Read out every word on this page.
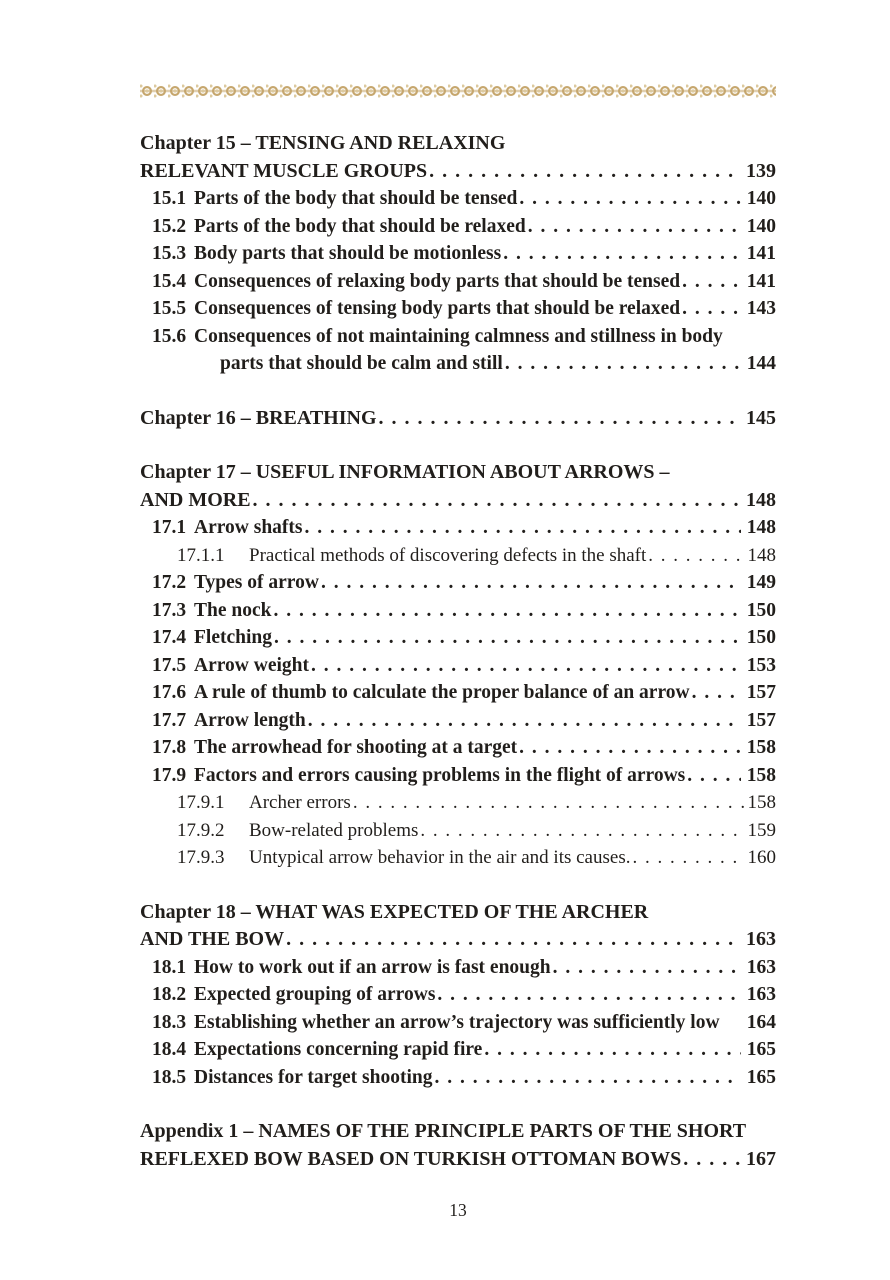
Chapter 15 – TENSING AND RELAXING
RELEVANT MUSCLE GROUPS . . .	139
15.1 Parts of the body that should be tensed . . .	140
15.2 Parts of the body that should be relaxed . . .	140
15.3 Body parts that should be motionless . . .	141
15.4 Consequences of relaxing body parts that should be tensed . . .	141
15.5 Consequences of tensing body parts that should be relaxed . . .	143
15.6 Consequences of not maintaining calmness and stillness in body
parts that should be calm and still . . .	144
Chapter 16 – BREATHING . . .	145
Chapter 17 – USEFUL INFORMATION ABOUT ARROWS –
AND MORE . . .	148
17.1 Arrow shafts . . .	148
17.1.1	Practical methods of discovering defects in the shaft . . .	148
17.2 Types of arrow . . .	149
17.3 The nock . . .	150
17.4 Fletching . . .	150
17.5 Arrow weight . . .	153
17.6 A rule of thumb to calculate the proper balance of an arrow . . .	157
17.7 Arrow length . . .	157
17.8 The arrowhead for shooting at a target . . .	158
17.9 Factors and errors causing problems in the flight of arrows . . .	158
17.9.1	Archer errors . . .	158
17.9.2	Bow-related problems . . .	159
17.9.3	Untypical arrow behavior in the air and its causes. . . .	160
Chapter 18 – WHAT WAS EXPECTED OF THE ARCHER
AND THE BOW . . .	163
18.1 How to work out if an arrow is fast enough . . .	163
18.2 Expected grouping of arrows . . .	163
18.3 Establishing whether an arrow’s trajectory was sufficiently low 164
18.4 Expectations concerning rapid fire . . .	165
18.5 Distances for target shooting . . .	165
Appendix 1 – NAMES OF THE PRINCIPLE PARTS OF THE SHORT
REFLEXED BOW BASED ON TURKISH OTTOMAN BOWS . . .	167
13
